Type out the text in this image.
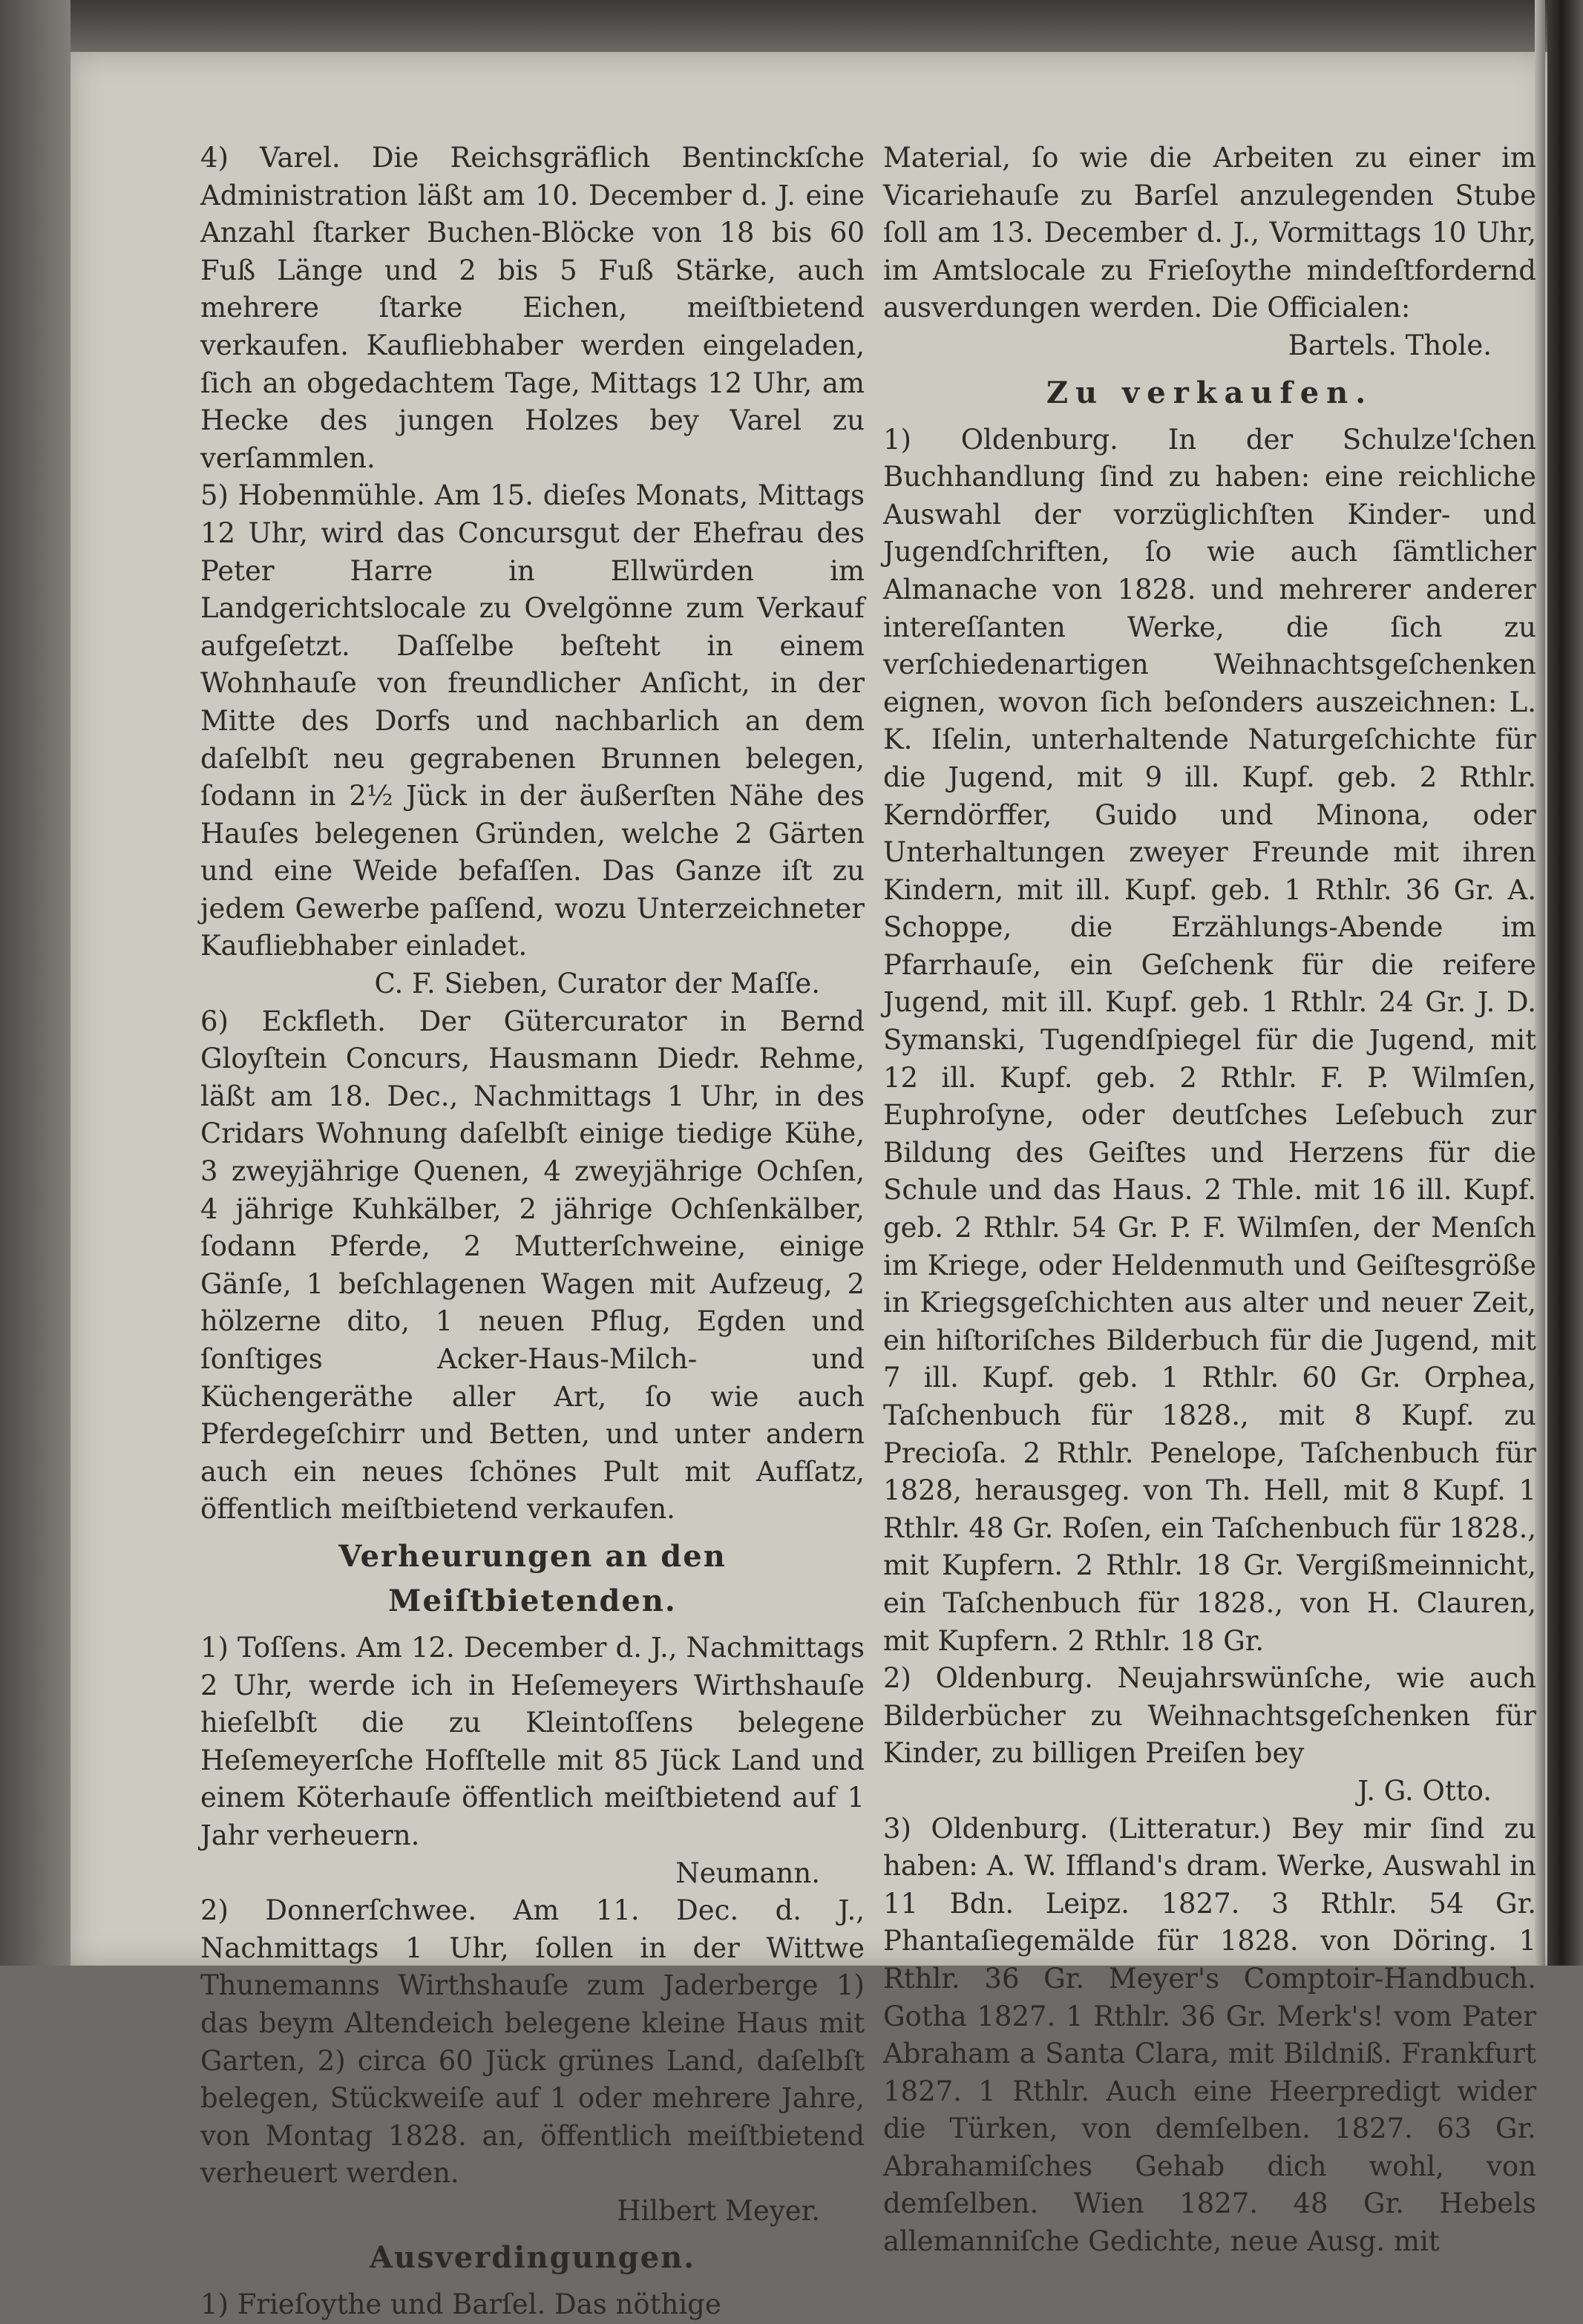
4) Varel. Die Reichsgräflich Bentinckſche Administration läßt am 10. December d. J. eine Anzahl ſtarker Buchen-Blöcke von 18 bis 60 Fuß Länge und 2 bis 5 Fuß Stärke, auch mehrere ſtarke Eichen, meiſtbietend verkaufen. Kaufliebhaber werden eingeladen, ſich an obgedachtem Tage, Mittags 12 Uhr, am Hecke des jungen Holzes bey Varel zu verſammlen.

5) Hobenmühle. Am 15. dieſes Monats, Mittags 12 Uhr, wird das Concursgut der Ehefrau des Peter Harre in Ellwürden im Landgerichtslocale zu Ovelgönne zum Verkauf aufgeſetzt. Daſſelbe beſteht in einem Wohnhauſe von freundlicher Anſicht, in der Mitte des Dorfs und nachbarlich an dem daſelbſt neu gegrabenen Brunnen belegen, ſodann in 2½ Jück in der äußerſten Nähe des Hauſes belegenen Gründen, welche 2 Gärten und eine Weide befaſſen. Das Ganze iſt zu jedem Gewerbe paſſend, wozu Unterzeichneter Kaufliebhaber einladet.

C. F. Sieben, Curator der Maſſe.

6) Eckfleth. Der Gütercurator in Bernd Gloyſtein Concurs, Hausmann Diedr. Rehme, läßt am 18. Dec., Nachmittags 1 Uhr, in des Cridars Wohnung daſelbſt einige tiedige Kühe, 3 zweyjährige Quenen, 4 zweyjährige Ochſen, 4 jährige Kuhkälber, 2 jährige Ochſenkälber, ſodann Pferde, 2 Mutterſchweine, einige Gänſe, 1 beſchlagenen Wagen mit Aufzeug, 2 hölzerne dito, 1 neuen Pflug, Egden und ſonſtiges Acker-Haus-Milch- und Küchengeräthe aller Art, ſo wie auch Pferdegeſchirr und Betten, und unter andern auch ein neues ſchönes Pult mit Aufſatz, öffentlich meiſtbietend verkaufen.

Verheurungen an den Meiſtbietenden.

1) Toſſens. Am 12. December d. J., Nachmittags 2 Uhr, werde ich in Heſemeyers Wirthshauſe hieſelbſt die zu Kleintoſſens belegene Heſemeyerſche Hofſtelle mit 85 Jück Land und einem Köterhauſe öffentlich meiſtbietend auf 1 Jahr verheuern.

Neumann.

2) Donnerſchwee. Am 11. Dec. d. J., Nachmittags 1 Uhr, ſollen in der Wittwe Thunemanns Wirthshauſe zum Jaderberge 1) das beym Altendeich belegene kleine Haus mit Garten, 2) circa 60 Jück grünes Land, daſelbſt belegen, Stückweiſe auf 1 oder mehrere Jahre, von Montag 1828. an, öffentlich meiſtbietend verheuert werden.

Hilbert Meyer.

Ausverdingungen.

1) Frieſoythe und Barſel. Das nöthige

Material, ſo wie die Arbeiten zu einer im Vicariehauſe zu Barſel anzulegenden Stube ſoll am 13. December d. J., Vormittags 10 Uhr, im Amtslocale zu Frieſoythe mindeſtfordernd ausverdungen werden. Die Officialen:

Bartels. Thole.

Zu verkaufen.

1) Oldenburg. In der Schulze'ſchen Buchhandlung ſind zu haben: eine reichliche Auswahl der vorzüglichſten Kinder- und Jugendſchriften, ſo wie auch ſämtlicher Almanache von 1828. und mehrerer anderer intereſſanten Werke, die ſich zu verſchiedenartigen Weihnachtsgeſchenken eignen, wovon ſich beſonders auszeichnen: L. K. Iſelin, unterhaltende Naturgeſchichte für die Jugend, mit 9 ill. Kupf. geb. 2 Rthlr. Kerndörffer, Guido und Minona, oder Unterhaltungen zweyer Freunde mit ihren Kindern, mit ill. Kupf. geb. 1 Rthlr. 36 Gr. A. Schoppe, die Erzählungs-Abende im Pfarrhauſe, ein Geſchenk für die reifere Jugend, mit ill. Kupf. geb. 1 Rthlr. 24 Gr. J. D. Symanski, Tugendſpiegel für die Jugend, mit 12 ill. Kupf. geb. 2 Rthlr. F. P. Wilmſen, Euphroſyne, oder deutſches Leſebuch zur Bildung des Geiſtes und Herzens für die Schule und das Haus. 2 Thle. mit 16 ill. Kupf. geb. 2 Rthlr. 54 Gr. P. F. Wilmſen, der Menſch im Kriege, oder Heldenmuth und Geiſtesgröße in Kriegsgeſchichten aus alter und neuer Zeit, ein hiſtoriſches Bilderbuch für die Jugend, mit 7 ill. Kupf. geb. 1 Rthlr. 60 Gr. Orphea, Taſchenbuch für 1828., mit 8 Kupf. zu Precioſa. 2 Rthlr. Penelope, Taſchenbuch für 1828, herausgeg. von Th. Hell, mit 8 Kupf. 1 Rthlr. 48 Gr. Roſen, ein Taſchenbuch für 1828., mit Kupfern. 2 Rthlr. 18 Gr. Vergißmeinnicht, ein Taſchenbuch für 1828., von H. Clauren, mit Kupfern. 2 Rthlr. 18 Gr.

2) Oldenburg. Neujahrswünſche, wie auch Bilderbücher zu Weihnachtsgeſchenken für Kinder, zu billigen Preiſen bey

J. G. Otto.

3) Oldenburg. (Litteratur.) Bey mir ſind zu haben: A. W. Iffland's dram. Werke, Auswahl in 11 Bdn. Leipz. 1827. 3 Rthlr. 54 Gr. Phantaſiegemälde für 1828. von Döring. 1 Rthlr. 36 Gr. Meyer's Comptoir-Handbuch. Gotha 1827. 1 Rthlr. 36 Gr. Merk's! vom Pater Abraham a Santa Clara, mit Bildniß. Frankfurt 1827. 1 Rthlr. Auch eine Heerpredigt wider die Türken, von demſelben. 1827. 63 Gr. Abrahamiſches Gehab dich wohl, von demſelben. Wien 1827. 48 Gr. Hebels allemanniſche Gedichte, neue Ausg. mit
